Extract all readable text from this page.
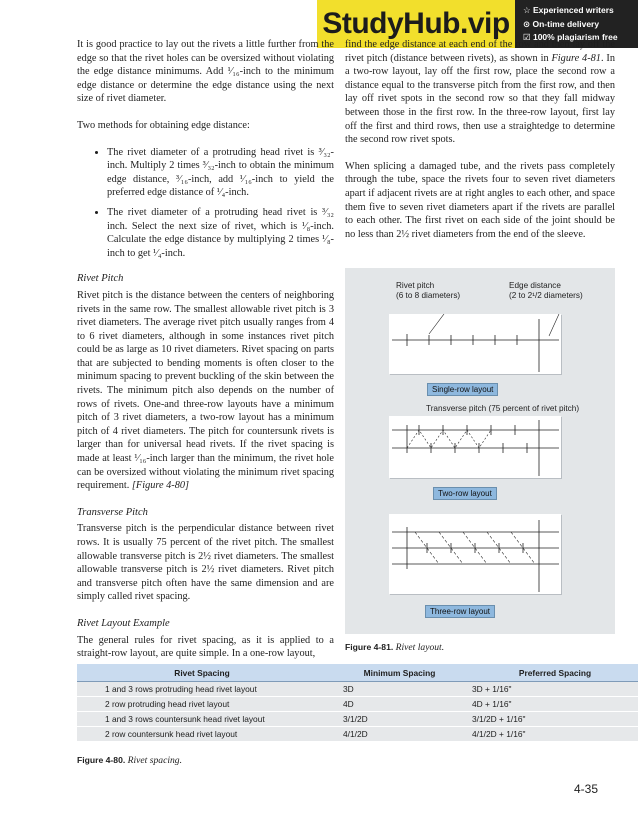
StudyHub.vip	☆ Experienced writers
⊙ On-time delivery
☑ 100% plagiarism free

It is good practice to lay out the rivets a little further from the edge so that the rivet holes can be oversized without violating the edge distance minimums. Add ¹⁄₁₆-inch to the minimum edge distance or determine the edge distance using the next size of rivet diameter.

Two methods for obtaining edge distance:

• The rivet diameter of a protruding head rivet is ³⁄₃₂-inch. Multiply 2 times ³⁄₃₂-inch to obtain the minimum edge distance, ³⁄₁₆-inch, add ¹⁄₁₆-inch to yield the preferred edge distance of ¹⁄₄-inch.
• The rivet diameter of a protruding head rivet is ³⁄₃₂ inch. Select the next size of rivet, which is ¹⁄₈-inch. Calculate the edge distance by multiplying 2 times ¹⁄₈-inch to get ¹⁄₄-inch.
Rivet Pitch

Rivet pitch is the distance between the centers of neighboring rivets in the same row. The smallest allowable rivet pitch is 3 rivet diameters. The average rivet pitch usually ranges from 4 to 6 rivet diameters, although in some instances rivet pitch could be as large as 10 rivet diameters. Rivet spacing on parts that are subjected to bending moments is often closer to the minimum spacing to prevent buckling of the skin between the rivets. The minimum pitch also depends on the number of rows of rivets. One-and three-row layouts have a minimum pitch of 3 rivet diameters, a two-row layout has a minimum pitch of 4 rivet diameters. The pitch for countersunk rivets is larger than for universal head rivets. If the rivet spacing is made at least ¹⁄₁₆-inch larger than the minimum, the rivet hole can be oversized without violating the minimum rivet spacing requirement. [Figure 4-80]

Transverse Pitch

Transverse pitch is the perpendicular distance between rivet rows. It is usually 75 percent of the rivet pitch. The smallest allowable transverse pitch is 2½ rivet diameters. The smallest allowable transverse pitch is 2½ rivet diameters. Rivet pitch and transverse pitch often have the same dimension and are simply called rivet spacing.

Rivet Layout Example

The general rules for rivet spacing, as it is applied to a straight-row layout, are quite simple. In a one-row layout,

find the edge distance at each end of the row and then lay off the rivet pitch (distance between rivets), as shown in Figure 4-81. In a two-row layout, lay off the first row, place the second row a distance equal to the transverse pitch from the first row, and then lay off rivet spots in the second row so that they fall midway between those in the first row. In the three-row layout, first lay off the first and third rows, then use a straightedge to determine the second row rivet spots.

When splicing a damaged tube, and the rivets pass completely through the tube, space the rivets four to seven rivet diameters apart if adjacent rivets are at right angles to each other, and space them five to seven rivet diameters apart if the rivets are parallel to each other. The first rivet on each side of the joint should be no less than 2½ rivet diameters from the end of the sleeve.

Rivet pitch
(6 to 8 diameters)
Edge distance
(2 to 2¹/2 diameters)
Single-row layout
Transverse pitch (75 percent of rivet pitch)
Two-row layout
Three-row layout
Figure 4-81. Rivet layout.
Rivet Spacing	Minimum Spacing	Preferred Spacing
1 and 3 rows protruding head rivet layout	3D	3D + 1/16"
2 row protruding head rivet layout	4D	4D + 1/16"
1 and 3 rows countersunk head rivet layout	3/1/2D	3/1/2D + 1/16"
2 row countersunk head rivet layout	4/1/2D	4/1/2D + 1/16"
Figure 4-80. Rivet spacing.
4-35
